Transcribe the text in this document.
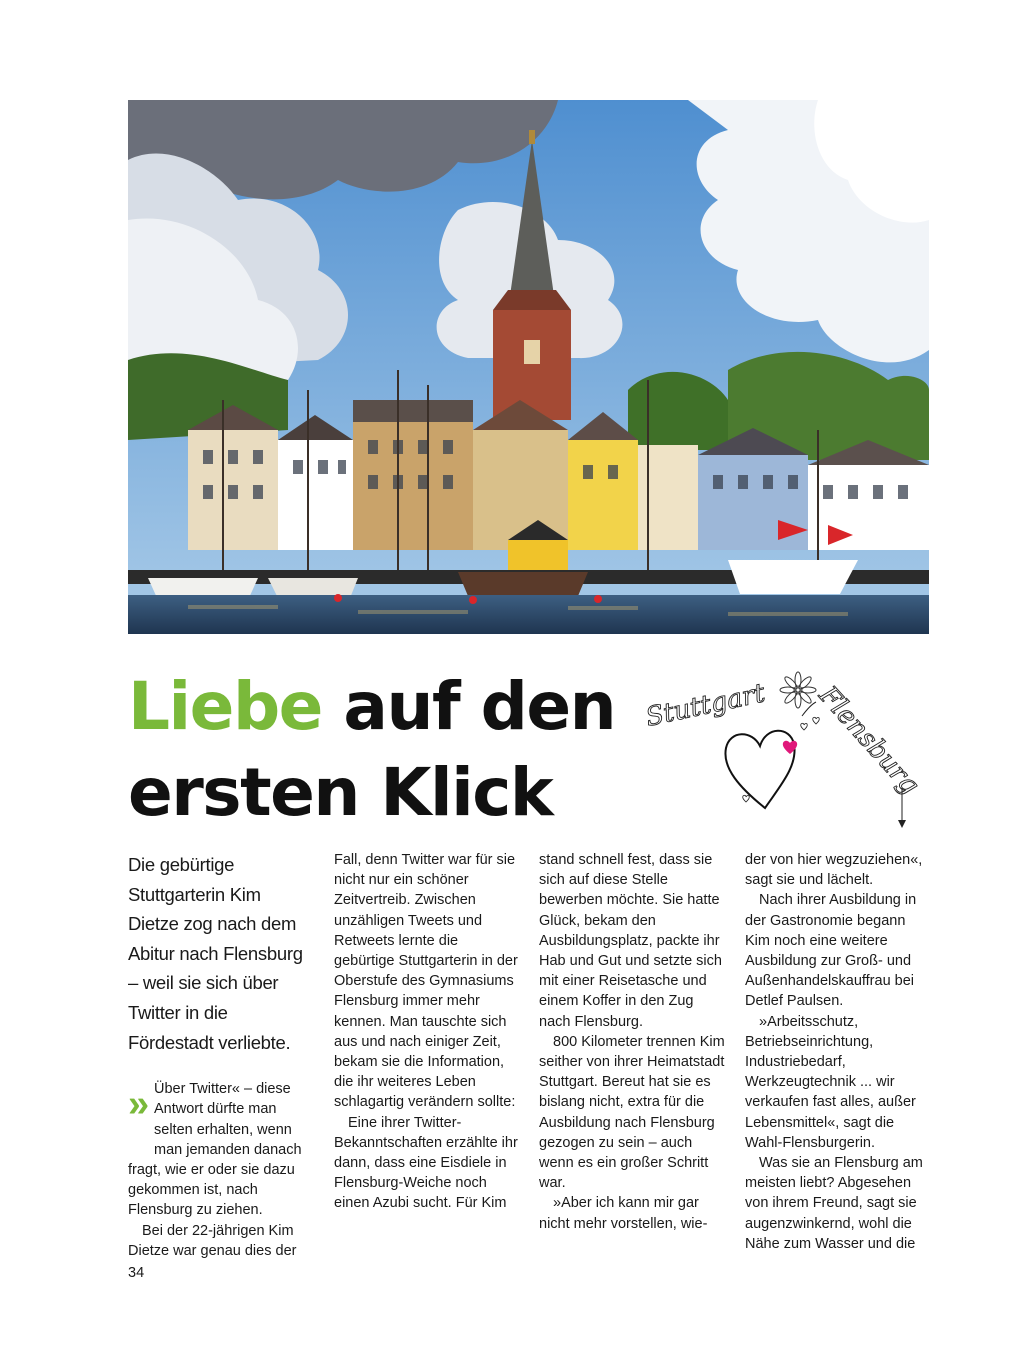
Liebe auf den ersten Klick
Stuttgart Flensburg

Die gebürtige Stuttgarterin Kim Dietze zog nach dem Abitur nach Flensburg – weil sie sich über Twitter in die Fördestadt verliebte.

» Über Twitter« – diese Antwort dürfte man selten erhalten, wenn man jemanden danach fragt, wie er oder sie dazu gekommen ist, nach Flensburg zu ziehen.

Bei der 22-jährigen Kim Dietze war genau dies der

Fall, denn Twitter war für sie nicht nur ein schöner Zeitvertreib. Zwischen unzähligen Tweets und Retweets lernte die gebürtige Stuttgarterin in der Oberstufe des Gymnasiums Flensburg immer mehr kennen. Man tauschte sich aus und nach einiger Zeit, bekam sie die Information, die ihr weiteres Leben schlagartig verändern sollte:

Eine ihrer Twitter-Bekanntschaften erzählte ihr dann, dass eine Eisdiele in Flensburg-Weiche noch einen Azubi sucht. Für Kim

stand schnell fest, dass sie sich auf diese Stelle bewerben möchte. Sie hatte Glück, bekam den Ausbildungsplatz, packte ihr Hab und Gut und setzte sich mit einer Reisetasche und einem Koffer in den Zug nach Flensburg.

800 Kilometer trennen Kim seither von ihrer Heimatstadt Stuttgart. Bereut hat sie es bislang nicht, extra für die Ausbildung nach Flensburg gezogen zu sein – auch wenn es ein großer Schritt war.

»Aber ich kann mir gar nicht mehr vorstellen, wie-

der von hier wegzuziehen«, sagt sie und lächelt.

Nach ihrer Ausbildung in der Gastronomie begann Kim noch eine weitere Ausbildung zur Groß- und Außenhandelskauffrau bei Detlef Paulsen.

»Arbeitsschutz, Betriebseinrichtung, Industriebedarf, Werkzeugtechnik ... wir verkaufen fast alles, außer Lebensmittel«, sagt die Wahl-Flensburgerin.

Was sie an Flensburg am meisten liebt? Abgesehen von ihrem Freund, sagt sie augenzwinkernd, wohl die Nähe zum Wasser und die

34
